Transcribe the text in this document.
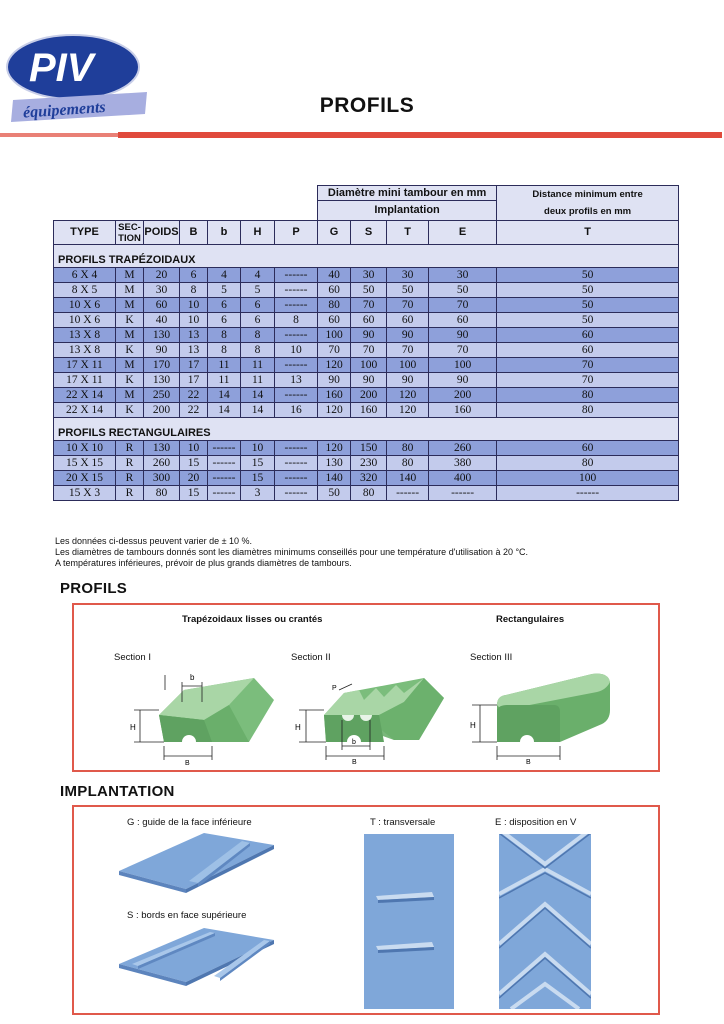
PIV
équipements	PROFILS
							Diamètre mini tambour en mm				Distance minimum entre
deux profils en mm
							Implantation				
TYPE	SEC-
TION	POIDS	B	b	H	P	G	S	T	E	T
PROFILS TRAPÉZOIDAUX											
6 X 4	M	20	6	4	4	------	40	30	30	30	50
8 X 5	M	30	8	5	5	------	60	50	50	50	50
10 X 6	M	60	10	6	6	------	80	70	70	70	50
10 X 6	K	40	10	6	6	8	60	60	60	60	50
13 X 8	M	130	13	8	8	------	100	90	90	90	60
13 X 8	K	90	13	8	8	10	70	70	70	70	60
17 X 11	M	170	17	11	11	------	120	100	100	100	70
17 X 11	K	130	17	11	11	13	90	90	90	90	70
22 X 14	M	250	22	14	14	------	160	200	120	200	80
22 X 14	K	200	22	14	14	16	120	160	120	160	80
PROFILS RECTANGULAIRES											
10 X 10	R	130	10	------	10	------	120	150	80	260	60
15 X 15	R	260	15	------	15	------	130	230	80	380	80
20 X 15	R	300	20	------	15	------	140	320	140	400	100
15 X 3	R	80	15	------	3	------	50	80	------	------	------
Les données ci-dessus peuvent varier de ± 10 %.
Les diamètres de tambours donnés sont les diamètres minimums conseillés pour une température d'utilisation à 20 °C.
A températures inférieures, prévoir de plus grands diamètres de tambours.
PROFILS
Trapézoidaux lisses ou crantés	Rectangulaires
Section I	Section II	Section III
b
H
B
P
H
b
B
H
B
IMPLANTATION
G : guide de la face inférieure	T : transversale	E : disposition en V
S : bords en face supérieure
